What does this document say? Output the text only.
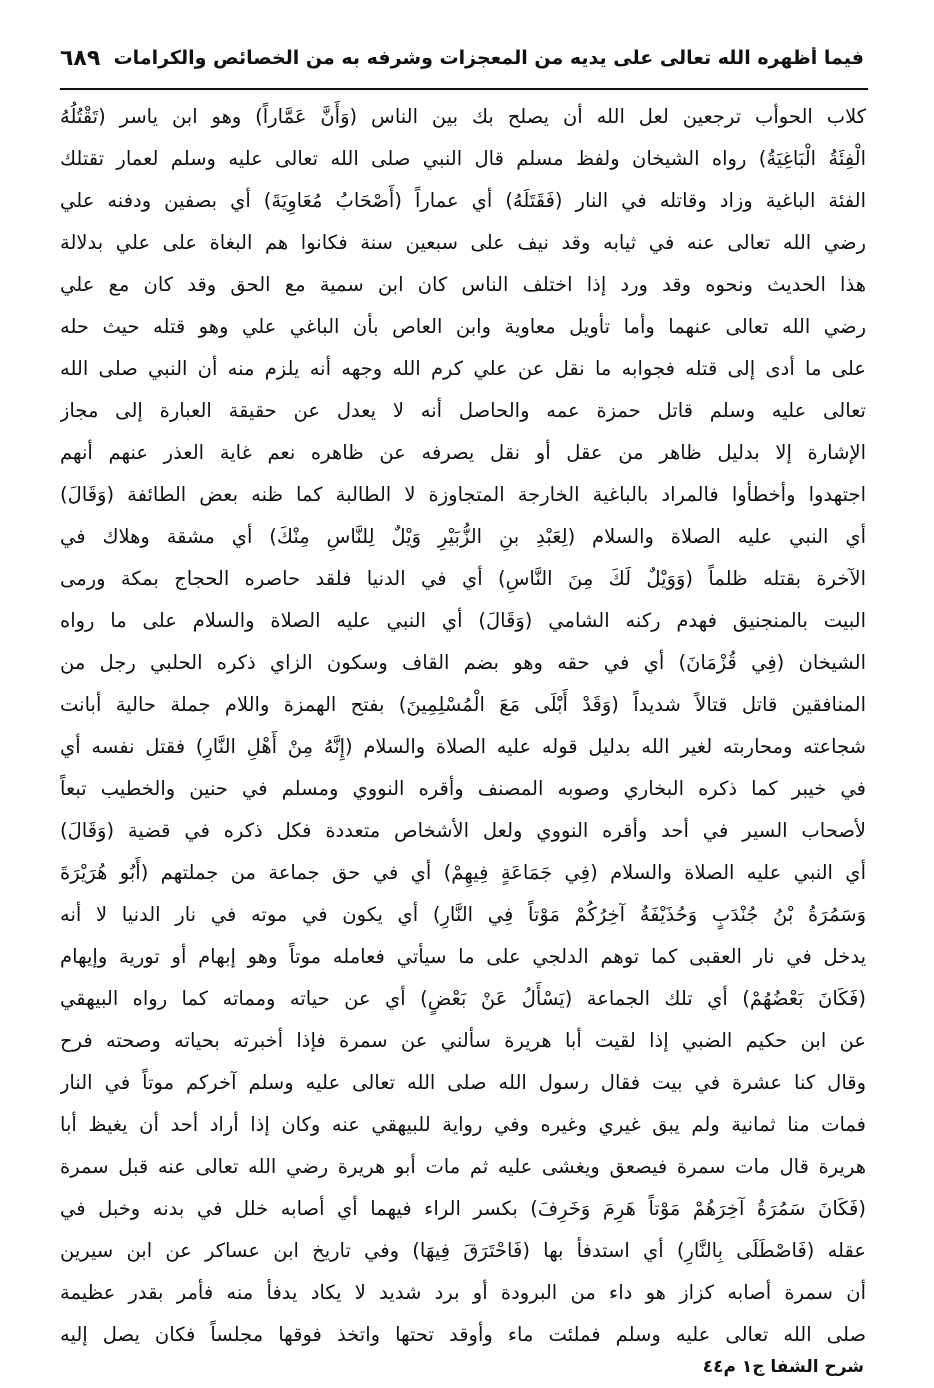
فيما أظهره الله تعالى على يديه من المعجزات وشرفه به من الخصائص والكرامات
٦٨٩
كلاب الحوأب ترجعين لعل الله أن يصلح بك بين الناس (وَأَنَّ عَمَّاراً) وهو ابن ياسر (تَقْتُلُهُ
الْفِئَةُ الْبَاغِيَةُ) رواه الشيخان ولفظ مسلم قال النبي صلى الله تعالى عليه وسلم لعمار تقتلك
الفئة الباغية وزاد وقاتله في النار (فَقَتَلَهُ) أي عماراً (أَصْحَابُ مُعَاوِيَةَ) أي بصفين ودفنه علي
رضي الله تعالى عنه في ثيابه وقد نيف على سبعين سنة فكانوا هم البغاة على علي بدلالة
هذا الحديث ونحوه وقد ورد إذا اختلف الناس كان ابن سمية مع الحق وقد كان مع علي
رضي الله تعالى عنهما وأما تأويل معاوية وابن العاص بأن الباغي علي وهو قتله حيث حله
على ما أدى إلى قتله فجوابه ما نقل عن علي كرم الله وجهه أنه يلزم منه أن النبي صلى الله
تعالى عليه وسلم قاتل حمزة عمه والحاصل أنه لا يعدل عن حقيقة العبارة إلى مجاز
الإشارة إلا بدليل ظاهر من عقل أو نقل يصرفه عن ظاهره نعم غاية العذر عنهم أنهم
اجتهدوا وأخطأوا فالمراد بالباغية الخارجة المتجاوزة لا الطالبة كما ظنه بعض الطائفة (وَقَالَ)
أي النبي عليه الصلاة والسلام (لِعَبْدِ بنِ الزُّبَيْرِ وَيْلٌ لِلنَّاسِ مِنْكَ) أي مشقة وهلاك في
الآخرة بقتله ظلماً (وَوَيْلٌ لَكَ مِنَ النَّاسِ) أي في الدنيا فلقد حاصره الحجاج بمكة ورمى
البيت بالمنجنيق فهدم ركنه الشامي (وَقَالَ) أي النبي عليه الصلاة والسلام على ما رواه
الشيخان (فِي قُزْمَانَ) أي في حقه وهو بضم القاف وسكون الزاي ذكره الحلبي رجل من
المنافقين قاتل قتالاً شديداً (وَقَدْ أَبْلَى مَعَ الْمُسْلِمِينَ) بفتح الهمزة واللام جملة حالية أبانت
شجاعته ومحاربته لغير الله بدليل قوله عليه الصلاة والسلام (إِنَّهُ مِنْ أَهْلِ النَّارِ) فقتل نفسه أي
في خيبر كما ذكره البخاري وصوبه المصنف وأقره النووي ومسلم في حنين والخطيب تبعاً
لأصحاب السير في أحد وأقره النووي ولعل الأشخاص متعددة فكل ذكره في قضية (وَقَالَ)
أي النبي عليه الصلاة والسلام (فِي جَمَاعَةٍ فِيهِمْ) أي في حق جماعة من جملتهم (أَبُو هُرَيْرَةَ
وَسَمُرَةُ بْنُ جُنْدَبٍ وَحُذَيْفَةُ آخِرُكُمْ مَوْتاً فِي النَّارِ) أي يكون في موته في نار الدنيا لا أنه
يدخل في نار العقبى كما توهم الدلجي على ما سيأتي فعامله موتاً وهو إبهام أو تورية وإيهام
(فَكَانَ بَعْضُهُمْ) أي تلك الجماعة (يَسْأَلُ عَنْ بَعْضٍ) أي عن حياته ومماته كما رواه البيهقي
عن ابن حكيم الضبي إذا لقيت أبا هريرة سألني عن سمرة فإذا أخبرته بحياته وصحته فرح
وقال كنا عشرة في بيت فقال رسول الله صلى الله تعالى عليه وسلم آخركم موتاً في النار
فمات منا ثمانية ولم يبق غيري وغيره وفي رواية للبيهقي عنه وكان إذا أراد أحد أن يغيظ أبا
هريرة قال مات سمرة فيصعق ويغشى عليه ثم مات أبو هريرة رضي الله تعالى عنه قبل سمرة
(فَكَانَ سَمُرَةُ آخِرَهُمْ مَوْتاً هَرِمَ وَخَرِفَ) بكسر الراء فيهما أي أصابه خلل في بدنه وخبل في
عقله (فَاصْطَلَى بِالنَّارِ) أي استدفأ بها (فَاحْتَرَقَ فِيهَا) وفي تاريخ ابن عساكر عن ابن سيرين
أن سمرة أصابه كزاز هو داء من البرودة أو برد شديد لا يكاد يدفأ منه فأمر بقدر عظيمة
صلى الله تعالى عليه وسلم فملئت ماء وأوقد تحتها واتخذ فوقها مجلساً فكان يصل إليه
شرح الشفا ج١ م٤٤
